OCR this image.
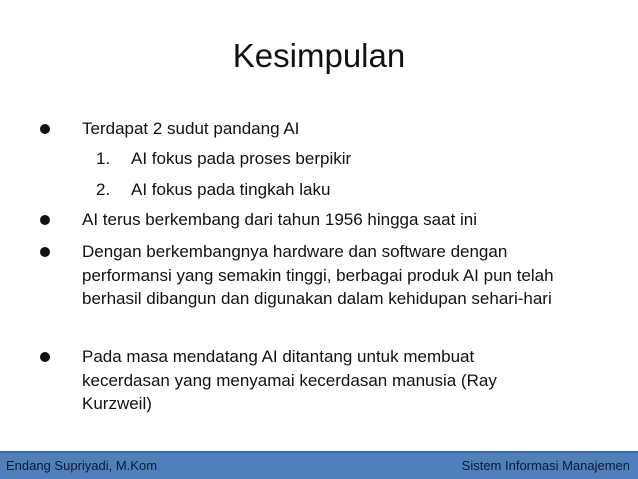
Kesimpulan
Terdapat 2 sudut pandang AI
1. AI fokus pada proses berpikir
2. AI fokus pada tingkah laku
AI terus berkembang dari tahun 1956 hingga saat ini
Dengan berkembangnya hardware dan software dengan performansi yang semakin tinggi, berbagai produk AI pun telah berhasil dibangun dan digunakan dalam kehidupan sehari-hari
Pada masa mendatang AI ditantang untuk membuat kecerdasan yang menyamai kecerdasan manusia (Ray Kurzweil)
Endang Supriyadi, M.Kom	Sistem Informasi Manajemen
